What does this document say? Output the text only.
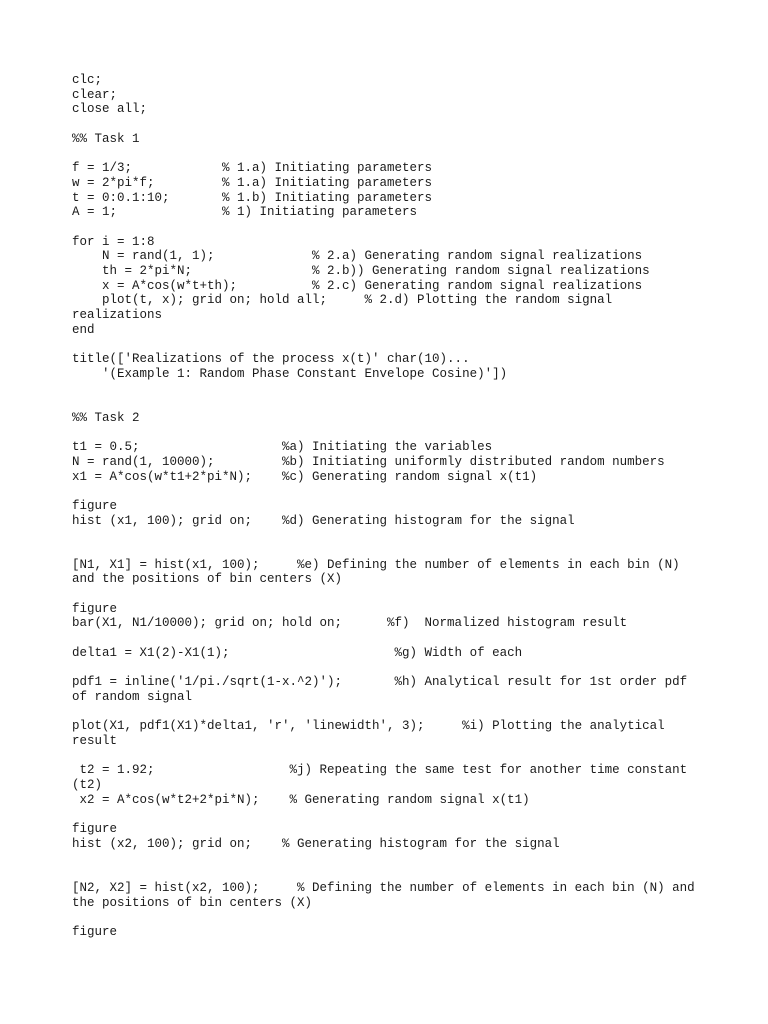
clc;
clear;
close all;
%% Task 1
f = 1/3;            % 1.a) Initiating parameters
w = 2*pi*f;         % 1.a) Initiating parameters
t = 0:0.1:10;       % 1.b) Initiating parameters
A = 1;              % 1) Initiating parameters
for i = 1:8
N = rand(1, 1);             % 2.a) Generating random signal realizations
th = 2*pi*N;                % 2.b)) Generating random signal realizations
x = A*cos(w*t+th);          % 2.c) Generating random signal realizations
plot(t, x); grid on; hold all;     % 2.d) Plotting the random signal
realizations
end
title(['Realizations of the process x(t)' char(10)...
'(Example 1: Random Phase Constant Envelope Cosine)'])
%% Task 2
t1 = 0.5;                   %a) Initiating the variables
N = rand(1, 10000);         %b) Initiating uniformly distributed random numbers
x1 = A*cos(w*t1+2*pi*N);    %c) Generating random signal x(t1)
figure
hist (x1, 100); grid on;    %d) Generating histogram for the signal
[N1, X1] = hist(x1, 100);     %e) Defining the number of elements in each bin (N)
and the positions of bin centers (X)
figure
bar(X1, N1/10000); grid on; hold on;      %f)  Normalized histogram result
delta1 = X1(2)-X1(1);                      %g) Width of each
pdf1 = inline('1/pi./sqrt(1-x.^2)');       %h) Analytical result for 1st order pdf
of random signal
plot(X1, pdf1(X1)*delta1, 'r', 'linewidth', 3);     %i) Plotting the analytical
result
t2 = 1.92;                  %j) Repeating the same test for another time constant
(t2)
x2 = A*cos(w*t2+2*pi*N);    % Generating random signal x(t1)
figure
hist (x2, 100); grid on;    % Generating histogram for the signal
[N2, X2] = hist(x2, 100);     % Defining the number of elements in each bin (N) and
the positions of bin centers (X)
figure
